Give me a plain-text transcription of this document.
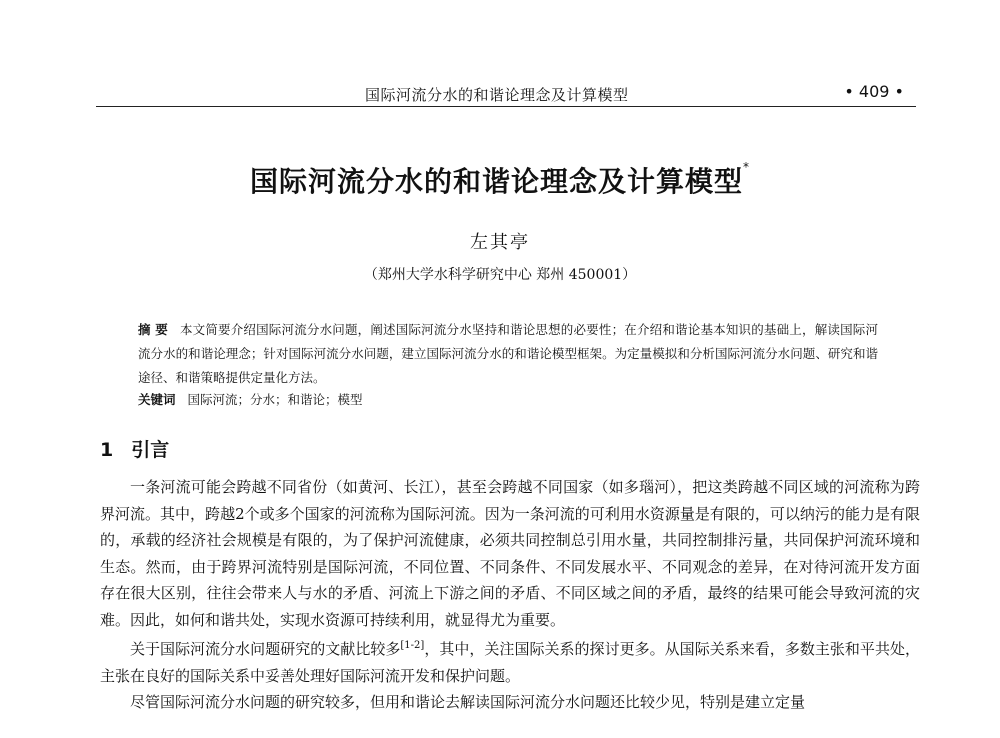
国际河流分水的和谐论理念及计算模型	• 409 •
国际河流分水的和谐论理念及计算模型*
左其亭
（郑州大学水科学研究中心 郑州 450001）
摘 要 本文简要介绍国际河流分水问题，阐述国际河流分水坚持和谐论思想的必要性；在介绍和谐论基本知识的基础上，解读国际河流分水的和谐论理念；针对国际河流分水问题，建立国际河流分水的和谐论模型框架。为定量模拟和分析国际河流分水问题、研究和谐途径、和谐策略提供定量化方法。
关键词 国际河流；分水；和谐论；模型
1 引言

一条河流可能会跨越不同省份（如黄河、长江），甚至会跨越不同国家（如多瑙河），把这类跨越不同区域的河流称为跨界河流。其中，跨越2个或多个国家的河流称为国际河流。因为一条河流的可利用水资源量是有限的，可以纳污的能力是有限的，承载的经济社会规模是有限的，为了保护河流健康，必须共同控制总引用水量，共同控制排污量，共同保护河流环境和生态。然而，由于跨界河流特别是国际河流，不同位置、不同条件、不同发展水平、不同观念的差异，在对待河流开发方面存在很大区别，往往会带来人与水的矛盾、河流上下游之间的矛盾、不同区域之间的矛盾，最终的结果可能会导致河流的灾难。因此，如何和谐共处，实现水资源可持续利用，就显得尤为重要。

关于国际河流分水问题研究的文献比较多[1-2]，其中，关注国际关系的探讨更多。从国际关系来看，多数主张和平共处，主张在良好的国际关系中妥善处理好国际河流开发和保护问题。

尽管国际河流分水问题的研究较多，但用和谐论去解读国际河流分水问题还比较少见，特别是建立定量
